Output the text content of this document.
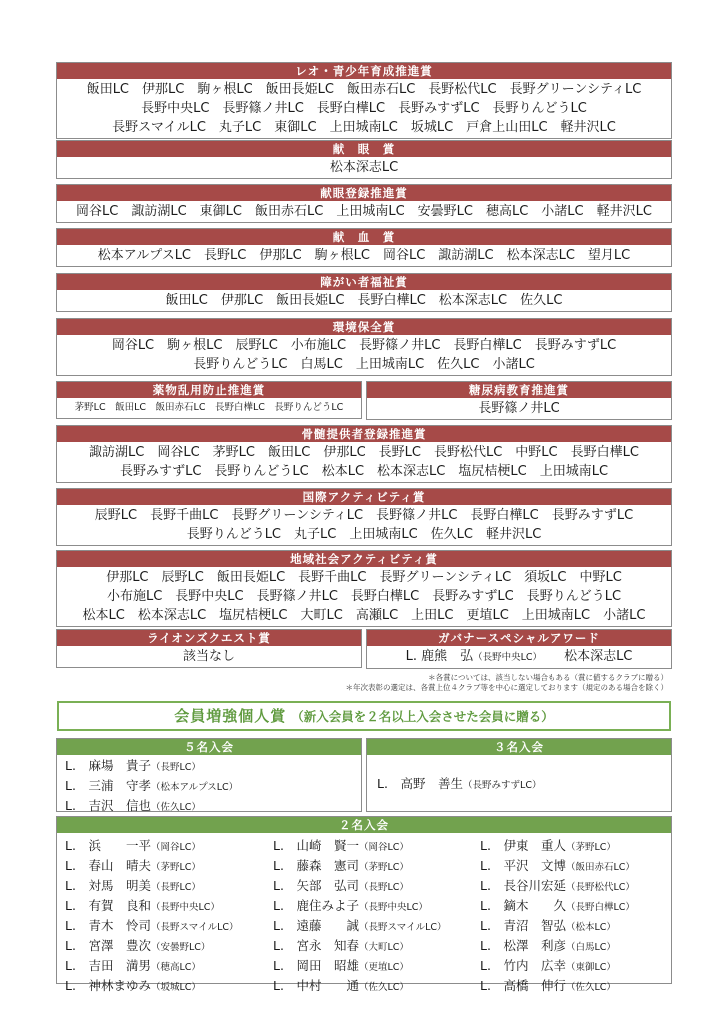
レオ・青少年育成推進賞
飯田LC　伊那LC　駒ヶ根LC　飯田長姫LC　飯田赤石LC　長野松代LC　長野グリーンシティLC
長野中央LC　長野篠ノ井LC　長野白樺LC　長野みすずLC　長野りんどうLC
長野スマイルLC　丸子LC　東御LC　上田城南LC　坂城LC　戸倉上山田LC　軽井沢LC
献　眼　賞
松本深志LC
献眼登録推進賞
岡谷LC　諏訪湖LC　東御LC　飯田赤石LC　上田城南LC　安曇野LC　穂高LC　小諸LC　軽井沢LC
献　血　賞
松本アルプスLC　長野LC　伊那LC　駒ヶ根LC　岡谷LC　諏訪湖LC　松本深志LC　望月LC
障がい者福祉賞
飯田LC　伊那LC　飯田長姫LC　長野白樺LC　松本深志LC　佐久LC
環境保全賞
岡谷LC　駒ヶ根LC　辰野LC　小布施LC　長野篠ノ井LC　長野白樺LC　長野みすずLC
長野りんどうLC　白馬LC　上田城南LC　佐久LC　小諸LC
薬物乱用防止推進賞
茅野LC　飯田LC　飯田赤石LC　長野白樺LC　長野りんどうLC
糖尿病教育推進賞
長野篠ノ井LC
骨髄提供者登録推進賞
諏訪湖LC　岡谷LC　茅野LC　飯田LC　伊那LC　長野LC　長野松代LC　中野LC　長野白樺LC
長野みすずLC　長野りんどうLC　松本LC　松本深志LC　塩尻桔梗LC　上田城南LC
国際アクティビティ賞
辰野LC　長野千曲LC　長野グリーンシティLC　長野篠ノ井LC　長野白樺LC　長野みすずLC
長野りんどうLC　丸子LC　上田城南LC　佐久LC　軽井沢LC
地域社会アクティビティ賞
伊那LC　辰野LC　飯田長姫LC　長野千曲LC　長野グリーンシティLC　須坂LC　中野LC
小布施LC　長野中央LC　長野篠ノ井LC　長野白樺LC　長野みすずLC　長野りんどうLC
松本LC　松本深志LC　塩尻桔梗LC　大町LC　高瀬LC　上田LC　更埴LC　上田城南LC　小諸LC
ライオンズクエスト賞
該当なし
ガバナースペシャルアワード
L. 鹿熊　弘（長野中央LC） 松本深志LC
＊各賞については、該当しない場合もある（賞に値するクラブに贈る）
＊年次表彰の選定は、各賞上位４クラブ等を中心に選定しております（規定のある場合を除く）
会員増強個人賞 （新入会員を２名以上入会させた会員に贈る）
５名入会
L.　麻場　貴子（長野LC）
L.　三浦　守孝（松本アルプスLC）
L.　吉沢　信也（佐久LC）
３名入会
L.　高野　善生（長野みすずLC）
２名入会
L.　浜　　一平（岡谷LC）
L.　春山　晴夫（茅野LC）
L.　対馬　明美（長野LC）
L.　有賀　良和（長野中央LC）
L.　青木　怜司（長野スマイルLC）
L.　宮澤　豊次（安曇野LC）
L.　吉田　満男（穂高LC）
L.　神林まゆみ（坂城LC）
L.　山崎　賢一（岡谷LC）
L.　藤森　憲司（茅野LC）
L.　矢部　弘司（長野LC）
L.　鹿住みよ子（長野中央LC）
L.　遠藤　　誠（長野スマイルLC）
L.　宮永　知春（大町LC）
L.　岡田　昭雄（更埴LC）
L.　中村　　通（佐久LC）
L.　伊東　重人（茅野LC）
L.　平沢　文博（飯田赤石LC）
L.　長谷川宏延（長野松代LC）
L.　鏑木　　久（長野白樺LC）
L.　青沼　智弘（松本LC）
L.　松澤　利彦（白馬LC）
L.　竹内　広幸（東御LC）
L.　高橋　伸行（佐久LC）
